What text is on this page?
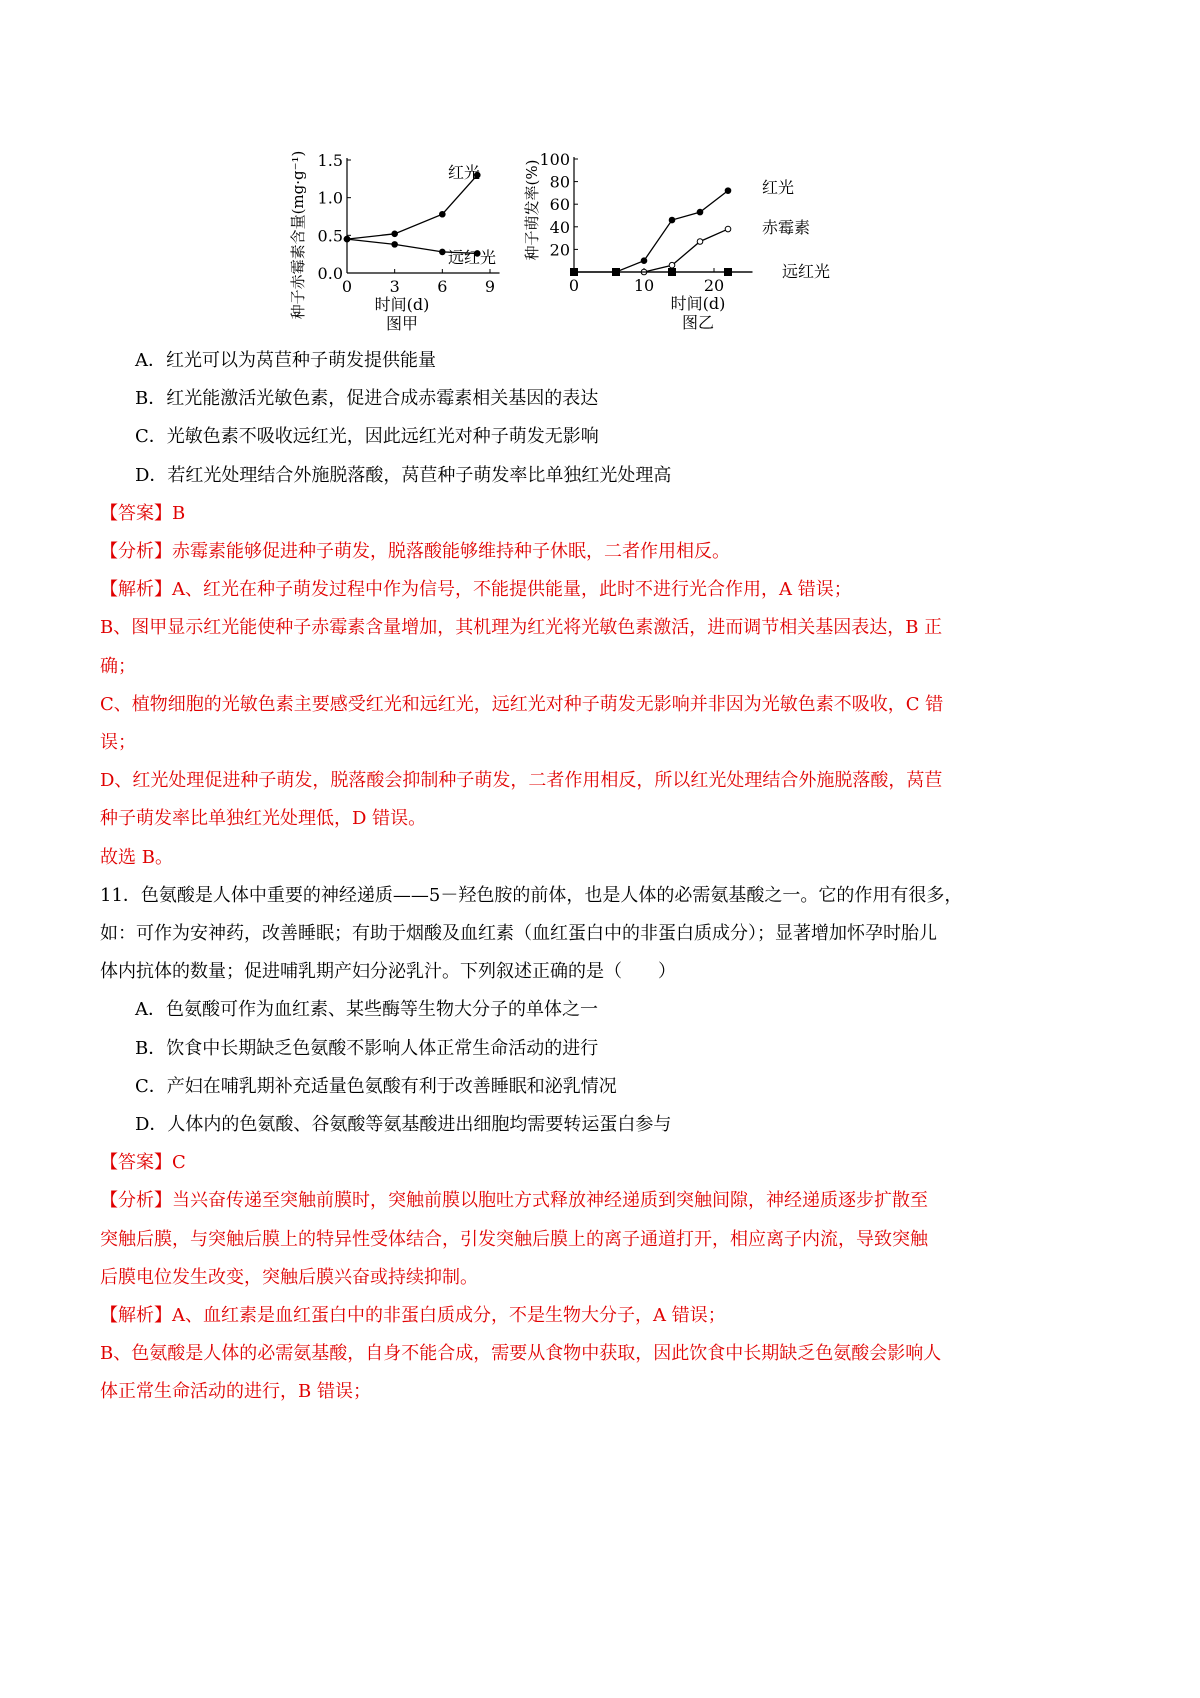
0 3 6 9
0.0
0.5
1.0
1.5
时间(d)
图甲
种子赤霉素含量(mg·g⁻¹)	红光
远红光
0	10	20
20
40
60
80
100
时间(d)
图乙
种子萌发率(%)	红光
赤霉素
远红光
A．红光可以为莴苣种子萌发提供能量
B．红光能激活光敏色素，促进合成赤霉素相关基因的表达
C．光敏色素不吸收远红光，因此远红光对种子萌发无影响
D．若红光处理结合外施脱落酸，莴苣种子萌发率比单独红光处理高
【答案】B
【分析】赤霉素能够促进种子萌发，脱落酸能够维持种子休眠，二者作用相反。
【解析】A、红光在种子萌发过程中作为信号，不能提供能量，此时不进行光合作用，A 错误；
B、图甲显示红光能使种子赤霉素含量增加，其机理为红光将光敏色素激活，进而调节相关基因表达，B 正
确；
C、植物细胞的光敏色素主要感受红光和远红光，远红光对种子萌发无影响并非因为光敏色素不吸收，C 错
误；
D、红光处理促进种子萌发，脱落酸会抑制种子萌发，二者作用相反，所以红光处理结合外施脱落酸，莴苣
种子萌发率比单独红光处理低，D 错误。
故选 B。
11．色氨酸是人体中重要的神经递质——5－羟色胺的前体，也是人体的必需氨基酸之一。它的作用有很多，
如：可作为安神药，改善睡眠；有助于烟酸及血红素（血红蛋白中的非蛋白质成分）；显著增加怀孕时胎儿
体内抗体的数量；促进哺乳期产妇分泌乳汁。下列叙述正确的是（　　）
A．色氨酸可作为血红素、某些酶等生物大分子的单体之一
B．饮食中长期缺乏色氨酸不影响人体正常生命活动的进行
C．产妇在哺乳期补充适量色氨酸有利于改善睡眠和泌乳情况
D．人体内的色氨酸、谷氨酸等氨基酸进出细胞均需要转运蛋白参与
【答案】C
【分析】当兴奋传递至突触前膜时，突触前膜以胞吐方式释放神经递质到突触间隙，神经递质逐步扩散至
突触后膜，与突触后膜上的特异性受体结合，引发突触后膜上的离子通道打开，相应离子内流，导致突触
后膜电位发生改变，突触后膜兴奋或持续抑制。
【解析】A、血红素是血红蛋白中的非蛋白质成分，不是生物大分子，A 错误；
B、色氨酸是人体的必需氨基酸，自身不能合成，需要从食物中获取，因此饮食中长期缺乏色氨酸会影响人
体正常生命活动的进行，B 错误；
